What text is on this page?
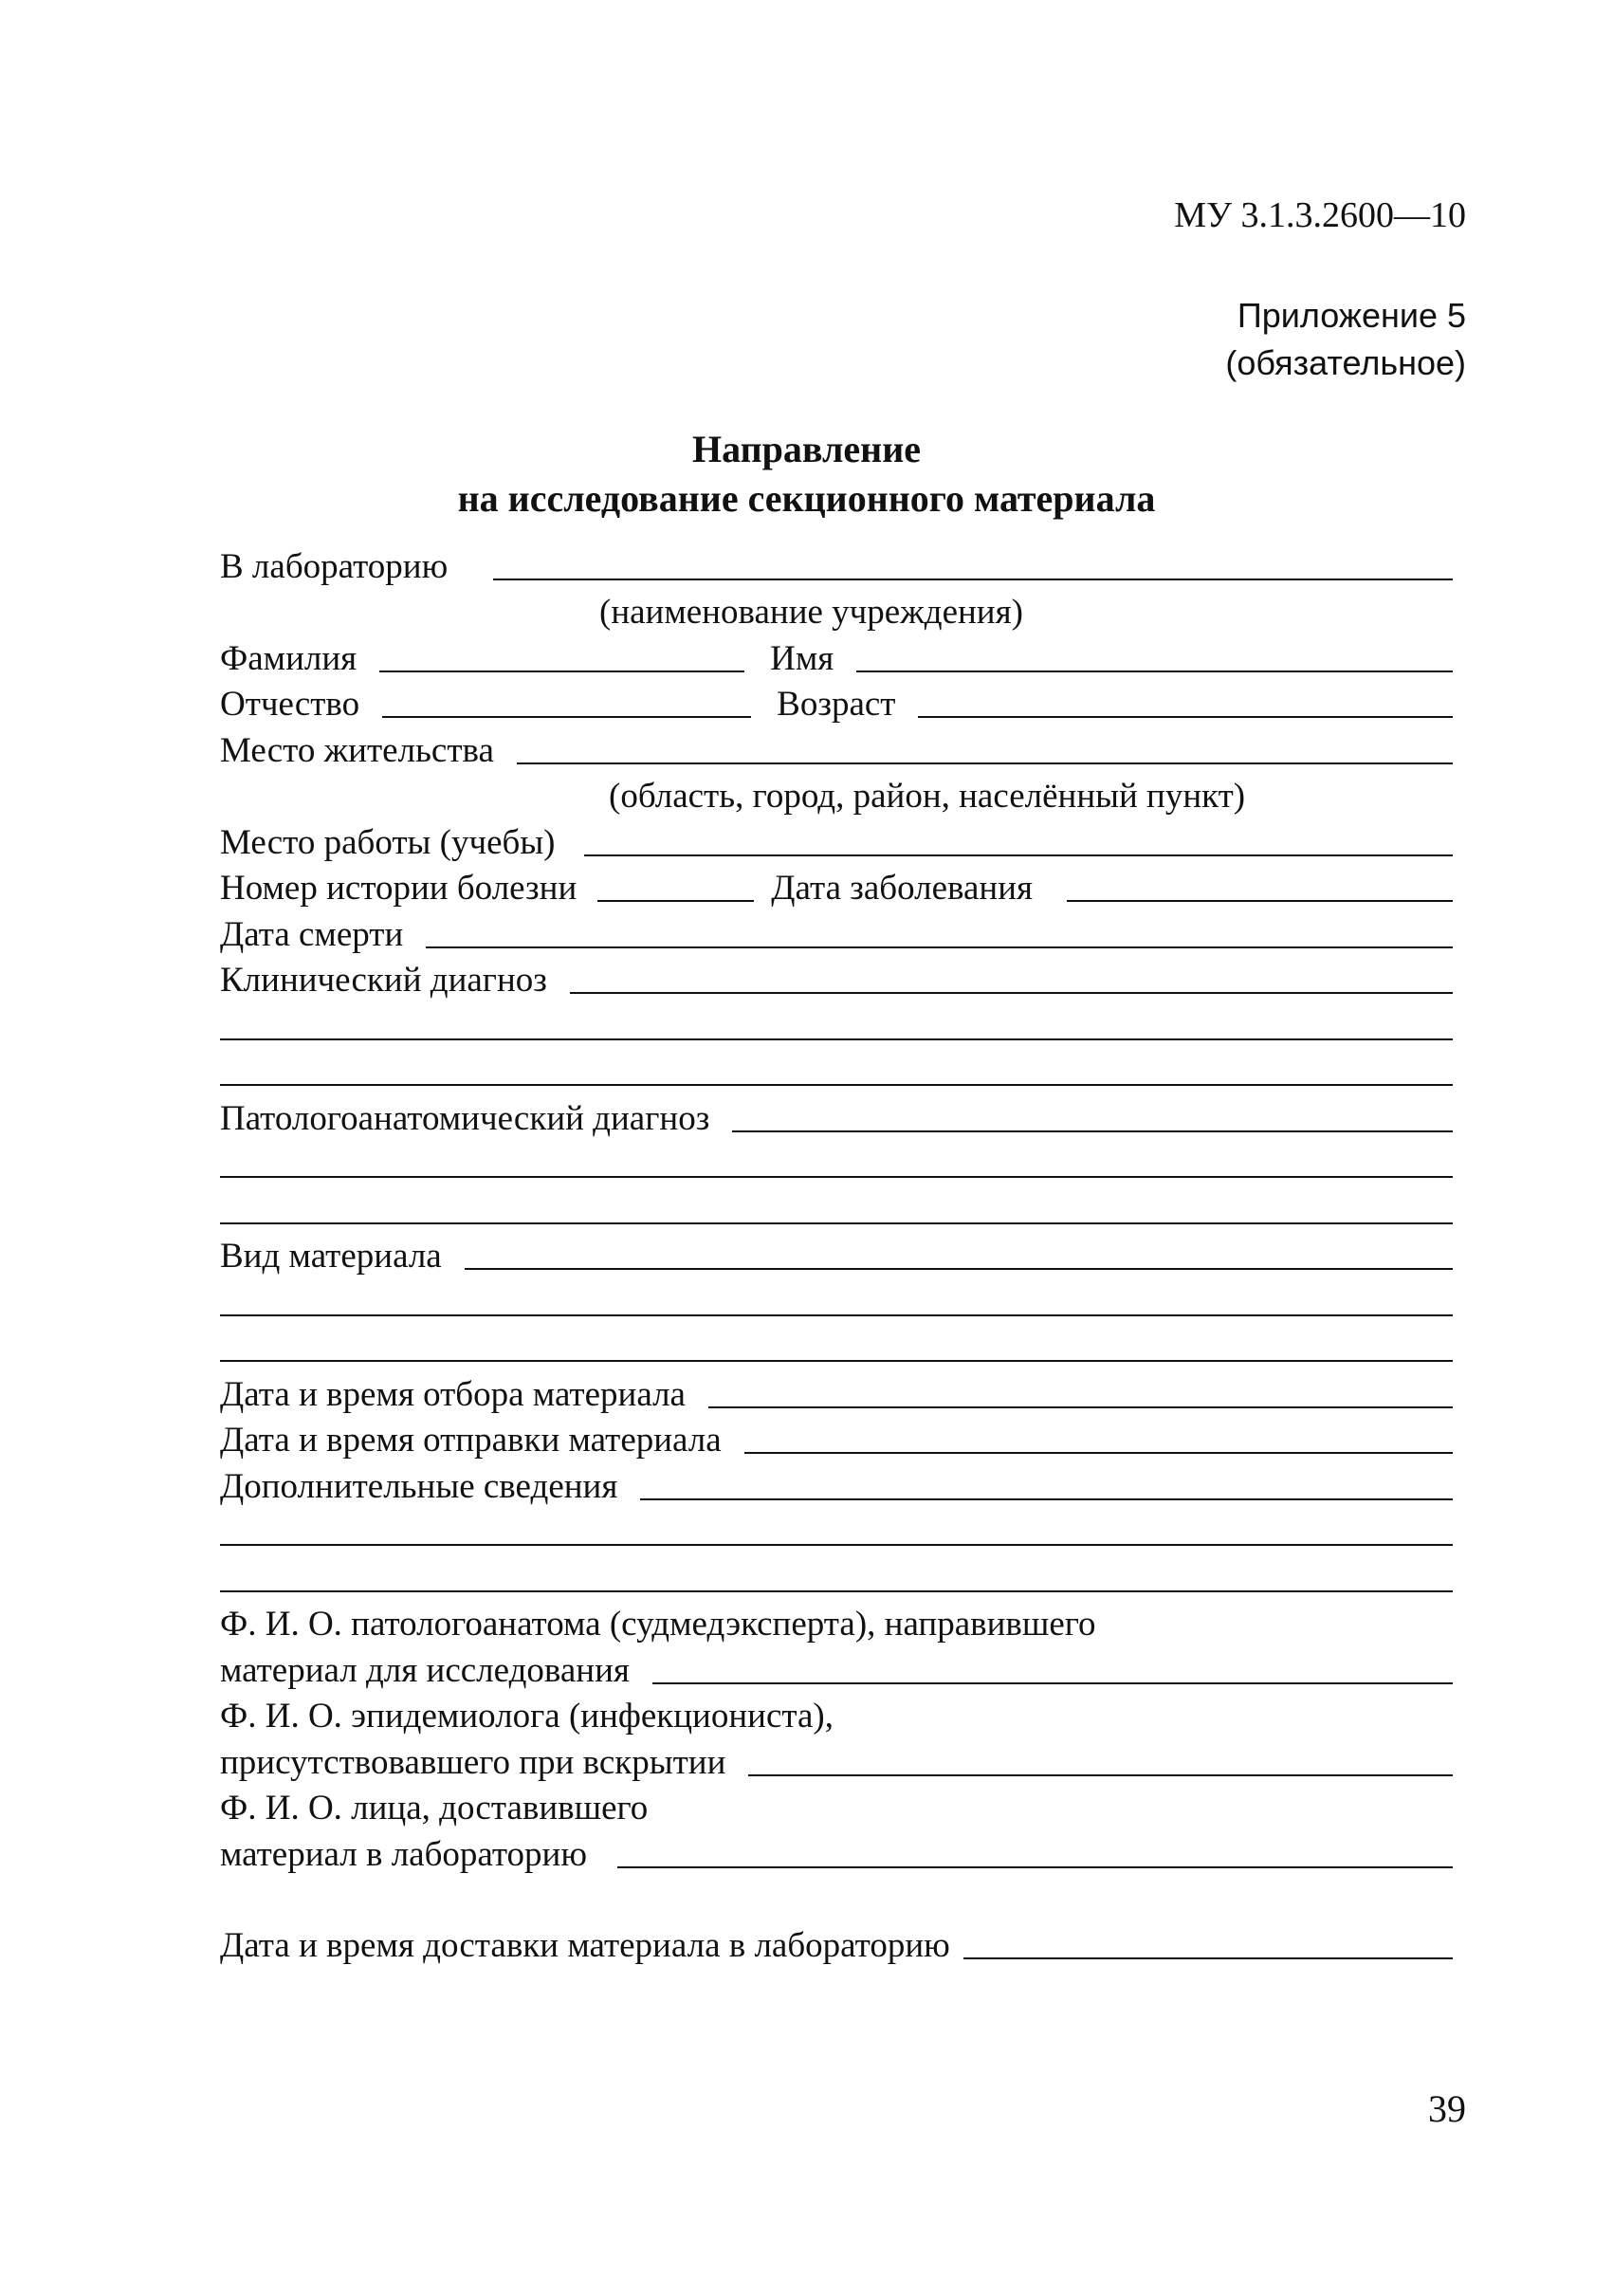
МУ 3.1.3.2600—10
Приложение 5
(обязательное)
Направление
на исследование секционного материала
В лабораторию
(наименование учреждения)
Фамилия	Имя
Отчество	Возраст
Место жительства
(область, город, район, населённый пункт)
Место работы (учебы)
Номер истории болезни	Дата заболевания
Дата смерти
Клинический диагноз
Патологоанатомический диагноз
Вид материала
Дата и время отбора материала
Дата и время отправки материала
Дополнительные сведения
Ф. И. О. патологоанатома (судмедэксперта), направившего
материал для исследования
Ф. И. О. эпидемиолога (инфекциониста),
присутствовавшего при вскрытии
Ф. И. О. лица, доставившего
материал в лабораторию
Дата и время доставки материала в лабораторию
39
